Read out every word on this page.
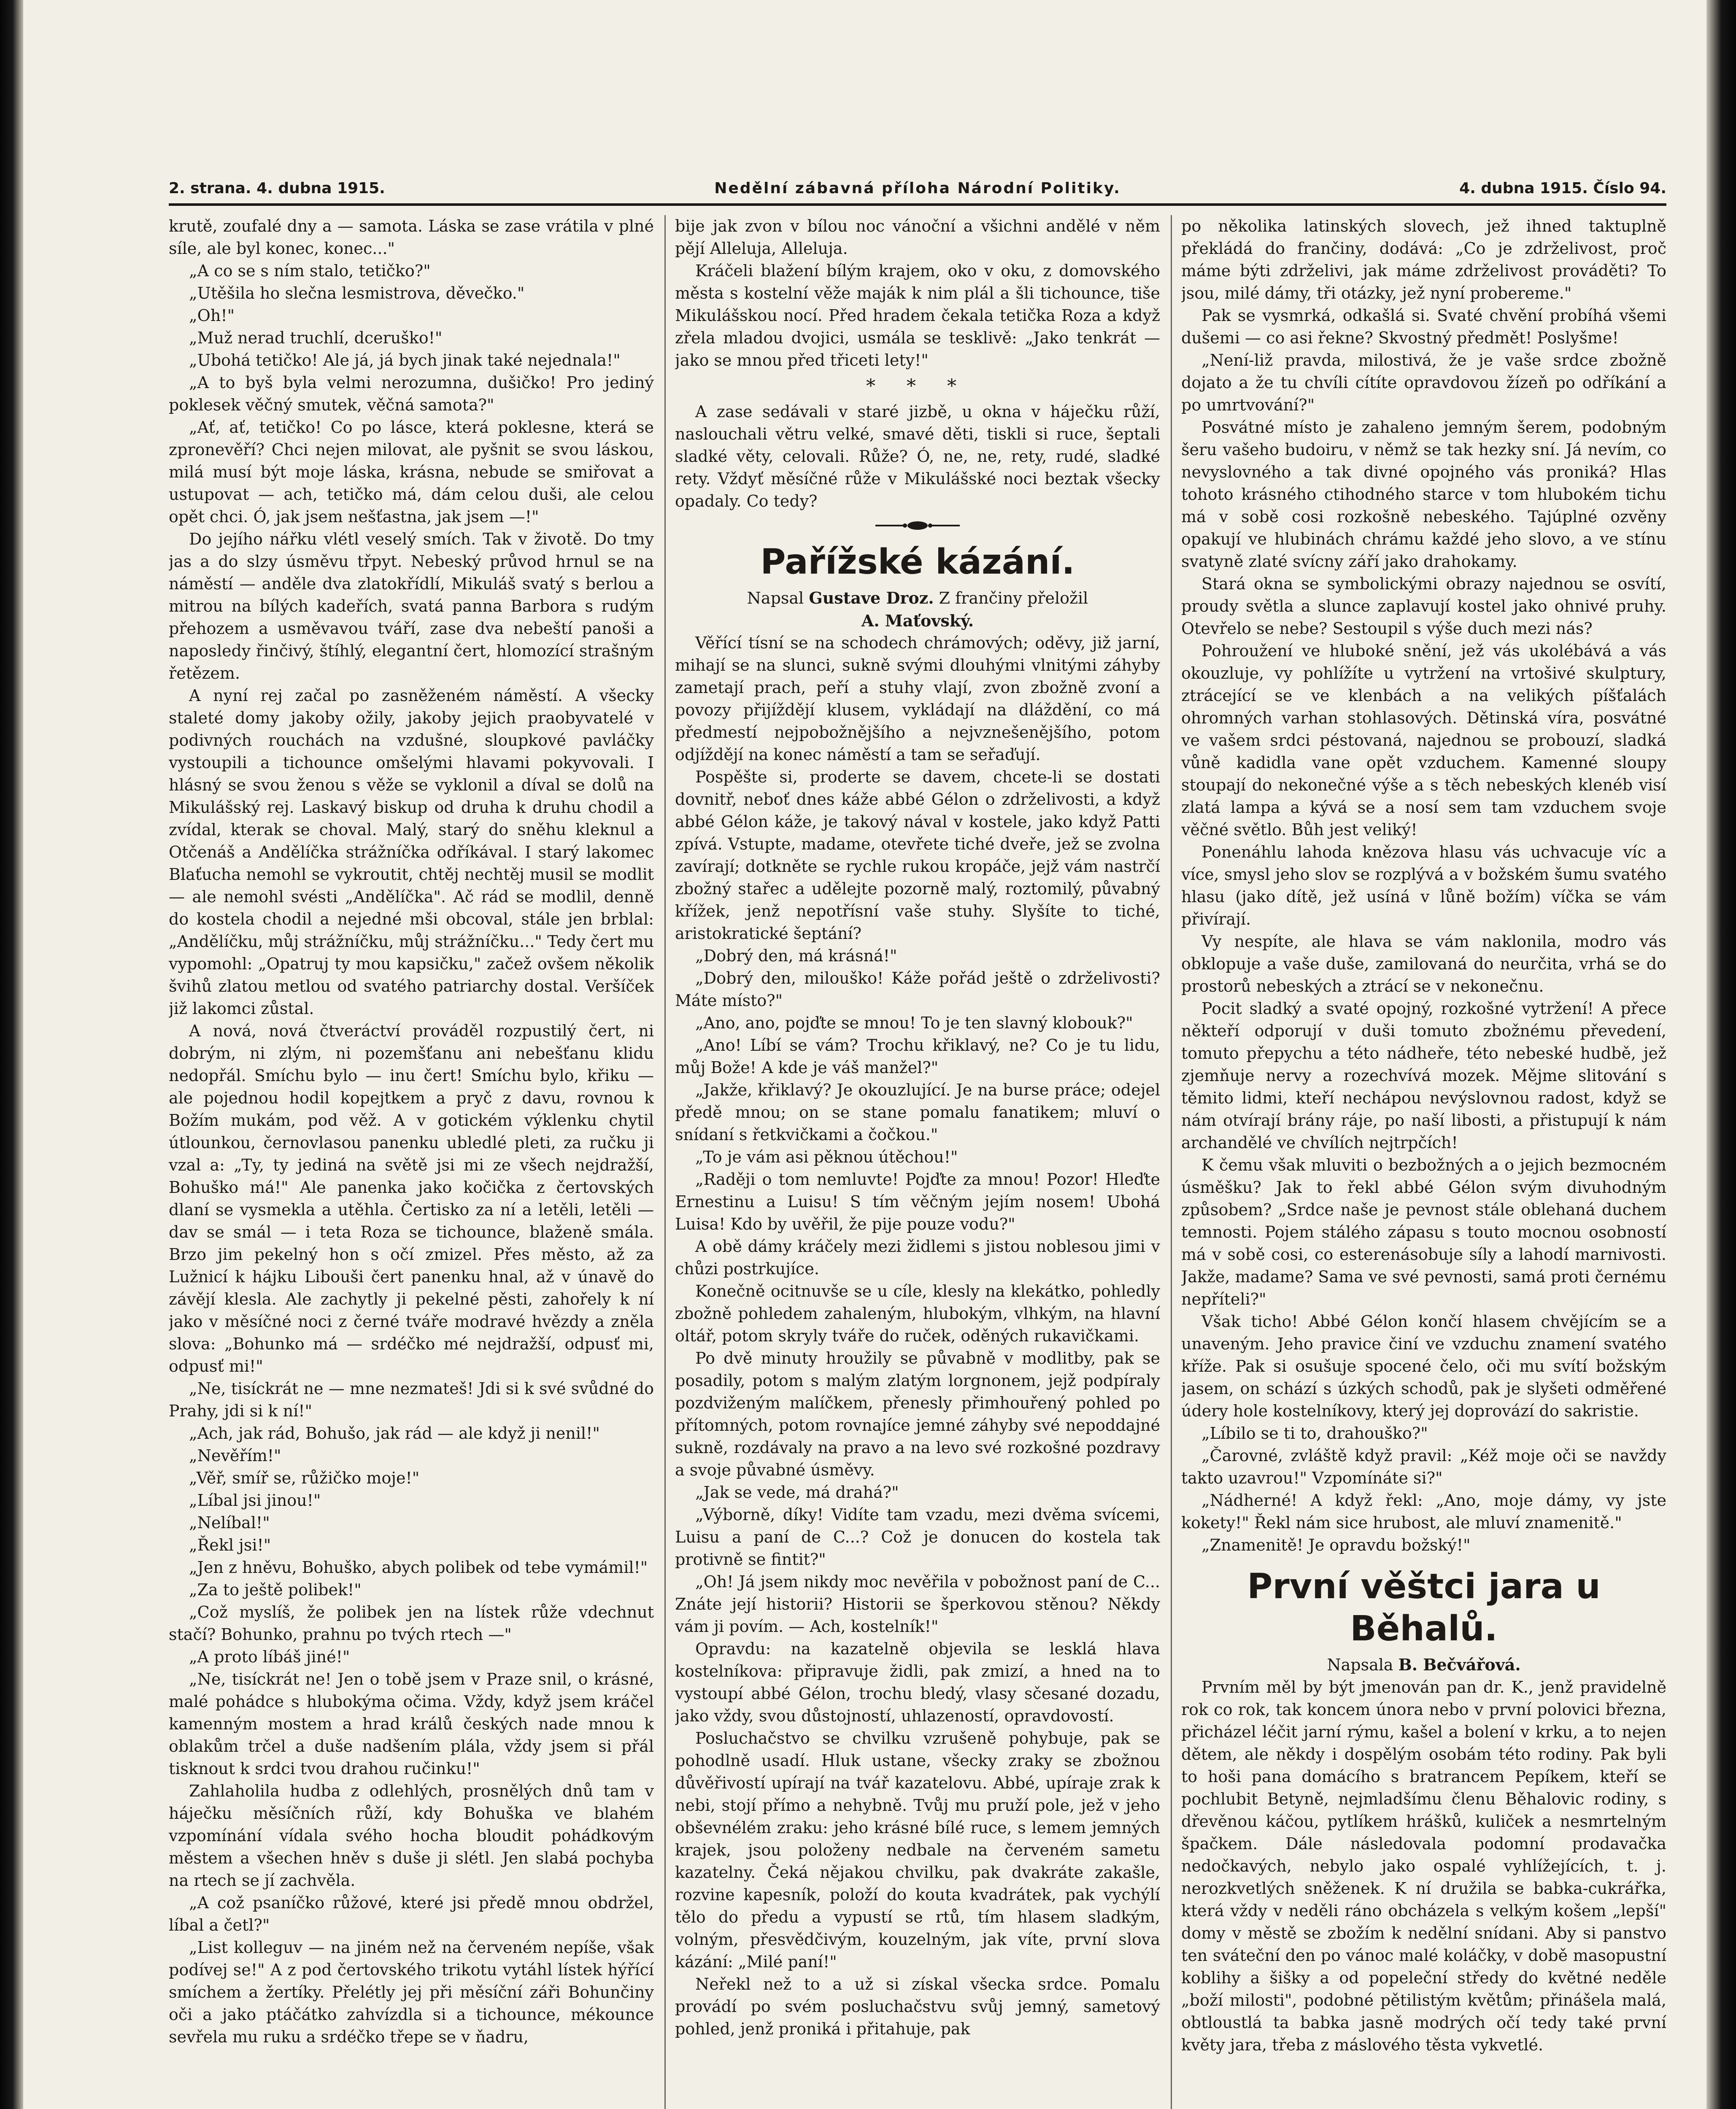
2. strana. 4. dubna 1915.	Nedělní zábavná příloha Národní Politiky.	4. dubna 1915. Číslo 94.

krutě, zoufalé dny a — samota. Láska se zase vrátila v plné síle, ale byl konec, konec..."

„A co se s ním stalo, tetičko?"

„Utěšila ho slečna lesmistrova, děvečko."

„Oh!"

„Muž nerad truchlí, dceruško!"

„Ubohá tetičko! Ale já, já bych jinak také nejednala!"

„A to byš byla velmi nerozumna, dušičko! Pro jediný poklesek věčný smutek, věčná samota?"

„Ať, ať, tetičko! Co po lásce, která poklesne, která se zpronevěří? Chci nejen milovat, ale pyšnit se svou láskou, milá musí být moje láska, krásna, nebude se smiřovat a ustupovat — ach, tetičko má, dám celou duši, ale celou opět chci. Ó, jak jsem nešťastna, jak jsem —!"

Do jejího nářku vlétl veselý smích. Tak v životě. Do tmy jas a do slzy úsměvu třpyt. Nebeský průvod hrnul se na náměstí — anděle dva zlatokřídlí, Mikuláš svatý s berlou a mitrou na bílých kadeřích, svatá panna Barbora s rudým přehozem a usměvavou tváří, zase dva nebeští panoši a naposledy řinčivý, štíhlý, elegantní čert, hlomozící strašným řetězem.

A nyní rej začal po zasněženém náměstí. A všecky staleté domy jakoby ožily, jakoby jejich praobyvatelé v podivných rouchách na vzdušné, sloupkové pavláčky vystoupili a tichounce omšelými hlavami pokyvovali. I hlásný se svou ženou s věže se vyklonil a díval se dolů na Mikulášský rej. Laskavý biskup od druha k druhu chodil a zvídal, kterak se choval. Malý, starý do sněhu kleknul a Otčenáš a Andělíčka strážníčka odříkával. I starý lakomec Blaťucha nemohl se vykroutit, chtěj nechtěj musil se modlit — ale nemohl svésti „Andělíčka". Ač rád se modlil, denně do kostela chodil a nejedné mši obcoval, stále jen brblal: „Andělíčku, můj strážníčku, můj strážníčku..." Tedy čert mu vypomohl: „Opatruj ty mou kapsičku," začež ovšem několik švihů zlatou metlou od svatého patriarchy dostal. Veršíček již lakomci zůstal.

A nová, nová čtveráctví prováděl rozpustilý čert, ni dobrým, ni zlým, ni pozemšťanu ani nebešťanu klidu nedopřál. Smíchu bylo — inu čert! Smíchu bylo, křiku — ale pojednou hodil kopejtkem a pryč z davu, rovnou k Božím mukám, pod věž. A v gotickém výklenku chytil útlounkou, černovlasou panenku ubledlé pleti, za ručku ji vzal a: „Ty, ty jediná na světě jsi mi ze všech nejdražší, Bohuško má!" Ale panenka jako kočička z čertovských dlaní se vysmekla a utěhla. Čertisko za ní a letěli, letěli — dav se smál — i teta Roza se tichounce, blaženě smála. Brzo jim pekelný hon s očí zmizel. Přes město, až za Lužnicí k hájku Libouši čert panenku hnal, až v únavě do závějí klesla. Ale zachytly ji pekelné pěsti, zahořely k ní jako v měsíčné noci z černé tváře modravé hvězdy a zněla slova: „Bohunko má — srdéčko mé nejdražší, odpusť mi, odpusť mi!"

„Ne, tisíckrát ne — mne nezmateš! Jdi si k své svůdné do Prahy, jdi si k ní!"

„Ach, jak rád, Bohušo, jak rád — ale když ji nenil!"

„Nevěřím!"

„Věř, smíř se, růžičko moje!"

„Líbal jsi jinou!"

„Nelíbal!"

„Řekl jsi!"

„Jen z hněvu, Bohuško, abych polibek od tebe vymámil!"

„Za to ještě polibek!"

„Což myslíš, že polibek jen na lístek růže vdechnut stačí? Bohunko, prahnu po tvých rtech —"

„A proto líbáš jiné!"

„Ne, tisíckrát ne! Jen o tobě jsem v Praze snil, o krásné, malé pohádce s hlubokýma očima. Vždy, když jsem kráčel kamenným mostem a hrad králů českých nade mnou k oblakům trčel a duše nadšením plála, vždy jsem si přál tisknout k srdci tvou drahou ručinku!"

Zahlaholila hudba z odlehlých, prosnělých dnů tam v háječku měsíčních růží, kdy Bohuška ve blahém vzpomínání vídala svého hocha bloudit pohádkovým městem a všechen hněv s duše ji slétl. Jen slabá pochyba na rtech se jí zachvěla.

„A což psaníčko růžové, které jsi předě mnou obdržel, líbal a četl?"

„List kolleguv — na jiném než na červeném nepíše, však podívej se!" A z pod čertovského trikotu vytáhl lístek hýřící smíchem a žertíky. Přelétly jej při měsíční záři Bohunčiny oči a jako ptáčátko zahvízdla si a tichounce, mékounce sevřela mu ruku a srdéčko třepe se v ňadru,

bije jak zvon v bílou noc vánoční a všichni andělé v něm pějí Alleluja, Alleluja.

Kráčeli blažení bílým krajem, oko v oku, z domovského města s kostelní věže maják k nim plál a šli tichounce, tiše Mikulášskou nocí. Před hradem čekala tetička Roza a když zřela mladou dvojici, usmála se tesklivě: „Jako tenkrát — jako se mnou před třiceti lety!"

* * *

A zase sedávali v staré jizbě, u okna v háječku růží, naslouchali větru velké, smavé děti, tiskli si ruce, šeptali sladké věty, celovali. Růže? Ó, ne, ne, rety, rudé, sladké rety. Vždyť měsíčné růže v Mikulášské noci beztak všecky opadaly. Co tedy?

Pařížské kázání.
Napsal Gustave Droz. Z frančiny přeložil
A. Maťovský.

Věřící tísní se na schodech chrámových; oděvy, již jarní, mihají se na slunci, sukně svými dlouhými vlnitými záhyby zametají prach, peří a stuhy vlají, zvon zbožně zvoní a povozy přijíždějí klusem, vykládají na dláždění, co má předmestí nejpobožnějšího a nejvznešenějšího, potom odjíždějí na konec náměstí a tam se seřaďují.

Pospěšte si, proderte se davem, chcete-li se dostati dovnitř, neboť dnes káže abbé Gélon o zdrželivosti, a když abbé Gélon káže, je takový nával v kostele, jako když Patti zpívá. Vstupte, madame, otevřete tiché dveře, jež se zvolna zavírají; dotkněte se rychle rukou kropáče, jejž vám nastrčí zbožný stařec a udělejte pozorně malý, roztomilý, půvabný křížek, jenž nepotřísní vaše stuhy. Slyšíte to tiché, aristokratické šeptání?

„Dobrý den, má krásná!"

„Dobrý den, milouško! Káže pořád ještě o zdrželivosti? Máte místo?"

„Ano, ano, pojďte se mnou! To je ten slavný klobouk?"

„Ano! Líbí se vám? Trochu křiklavý, ne? Co je tu lidu, můj Bože! A kde je váš manžel?"

„Jakže, křiklavý? Je okouzlující. Je na burse práce; odejel předě mnou; on se stane pomalu fanatikem; mluví o snídaní s řetkvičkami a čočkou."

„To je vám asi pěknou útěchou!"

„Raději o tom nemluvte! Pojďte za mnou! Pozor! Hleďte Ernestinu a Luisu! S tím věčným jejím nosem! Ubohá Luisa! Kdo by uvěřil, že pije pouze vodu?"

A obě dámy kráčely mezi židlemi s jistou noblesou jimi v chůzi postrkujíce.

Konečně ocitnuvše se u cíle, klesly na klekátko, pohledly zbožně pohledem zahaleným, hlubokým, vlhkým, na hlavní oltář, potom skryly tváře do ruček, oděných rukavičkami.

Po dvě minuty hroužily se půvabně v modlitby, pak se posadily, potom s malým zlatým lorgnonem, jejž podpíraly pozdviženým malíčkem, přenesly přimhouřený pohled po přítomných, potom rovnajíce jemné záhyby své nepoddajné sukně, rozdávaly na pravo a na levo své rozkošné pozdravy a svoje půvabné úsměvy.

„Jak se vede, má drahá?"

„Výborně, díky! Vidíte tam vzadu, mezi dvěma svícemi, Luisu a paní de C...? Což je donucen do kostela tak protivně se fintit?"

„Oh! Já jsem nikdy moc nevěřila v pobožnost paní de C... Znáte její historii? Historii se šperkovou stěnou? Někdy vám ji povím. — Ach, kostelník!"

Opravdu: na kazatelně objevila se lesklá hlava kostelníkova: připravuje židli, pak zmizí, a hned na to vystoupí abbé Gélon, trochu bledý, vlasy sčesané dozadu, jako vždy, svou důstojností, uhlazeností, opravdovostí.

Posluchačstvo se chvilku vzrušeně pohybuje, pak se pohodlně usadí. Hluk ustane, všecky zraky se zbožnou důvěřivostí upírají na tvář kazatelovu. Abbé, upíraje zrak k nebi, stojí přímo a nehybně. Tvůj mu pruží pole, jež v jeho obševnélém zraku: jeho krásné bílé ruce, s lemem jemných krajek, jsou položeny nedbale na červeném sametu kazatelny. Čeká nějakou chvilku, pak dvakráte zakašle, rozvine kapesník, položí do kouta kvadrátek, pak vychýlí tělo do předu a vypustí se rtů, tím hlasem sladkým, volným, přesvědčivým, kouzelným, jak víte, první slova kázání: „Milé paní!"

Neřekl než to a už si získal všecka srdce. Pomalu provádí po svém posluchačstvu svůj jemný, sametový pohled, jenž proniká i přitahuje, pak

po několika latinských slovech, jež ihned taktuplně překládá do frančiny, dodává: „Co je zdrželivost, proč máme býti zdrželivi, jak máme zdrželivost prováděti? To jsou, milé dámy, tři otázky, jež nyní probereme."

Pak se vysmrká, odkašlá si. Svaté chvění probíhá všemi dušemi — co asi řekne? Skvostný předmět! Poslyšme!

„Není-liž pravda, milostivá, že je vaše srdce zbožně dojato a že tu chvíli cítíte opravdovou žízeň po odříkání a po umrtvování?"

Posvátné místo je zahaleno jemným šerem, podobným šeru vašeho budoiru, v němž se tak hezky sní. Já nevím, co nevyslovného a tak divné opojného vás proniká? Hlas tohoto krásného ctihodného starce v tom hlubokém tichu má v sobě cosi rozkošně nebeského. Tajúplné ozvěny opakují ve hlubinách chrámu každé jeho slovo, a ve stínu svatyně zlaté svícny září jako drahokamy.

Stará okna se symbolickými obrazy najednou se osvítí, proudy světla a slunce zaplavují kostel jako ohnivé pruhy. Otevřelo se nebe? Sestoupil s výše duch mezi nás?

Pohroužení ve hluboké snění, jež vás ukolébává a vás okouzluje, vy pohlížíte u vytržení na vrtošivé skulptury, ztrácející se ve klenbách a na velikých píšťalách ohromných varhan stohlasových. Dětinská víra, posvátné ve vašem srdci péstovaná, najednou se probouzí, sladká vůně kadidla vane opět vzduchem. Kamenné sloupy stoupají do nekonečné výše a s těch nebeských klenéb visí zlatá lampa a kývá se a nosí sem tam vzduchem svoje věčné světlo. Bůh jest veliký!

Ponenáhlu lahoda knězova hlasu vás uchvacuje víc a více, smysl jeho slov se rozplývá a v božském šumu svatého hlasu (jako dítě, jež usíná v lůně božím) víčka se vám přivírají.

Vy nespíte, ale hlava se vám naklonila, modro vás obklopuje a vaše duše, zamilovaná do neurčita, vrhá se do prostorů nebeských a ztrácí se v nekonečnu.

Pocit sladký a svaté opojný, rozkošné vytržení! A přece někteří odporují v duši tomuto zbožnému převedení, tomuto přepychu a této nádheře, této nebeské hudbě, jež zjemňuje nervy a rozechvívá mozek. Mějme slitování s těmito lidmi, kteří nechápou nevýslovnou radost, když se nám otvírají brány ráje, po naší libosti, a přistupují k nám archandělé ve chvílích nejtrpčích!

K čemu však mluviti o bezbožných a o jejich bezmocném úsměšku? Jak to řekl abbé Gélon svým divuhodným způsobem? „Srdce naše je pevnost stále oblehaná duchem temnosti. Pojem stálého zápasu s touto mocnou osobností má v sobě cosi, co esterenásobuje síly a lahodí marnivosti. Jakže, madame? Sama ve své pevnosti, samá proti černému nepříteli?"

Však ticho! Abbé Gélon končí hlasem chvějícím se a unaveným. Jeho pravice činí ve vzduchu znamení svatého kříže. Pak si osušuje spocené čelo, oči mu svítí božským jasem, on schází s úzkých schodů, pak je slyšeti odměřené údery hole kostelníkovy, který jej doprovází do sakristie.

„Líbilo se ti to, drahouško?"

„Čarovné, zvláště když pravil: „Kéž moje oči se navždy takto uzavrou!" Vzpomínáte si?"

„Nádherné! A když řekl: „Ano, moje dámy, vy jste kokety!" Řekl nám sice hrubost, ale mluví znamenitě."

„Znamenitě! Je opravdu božský!"

První věštci jara u Běhalů.
Napsala B. Bečvářová.

Prvním měl by být jmenován pan dr. K., jenž pravidelně rok co rok, tak koncem února nebo v první polovici března, přicházel léčit jarní rýmu, kašel a bolení v krku, a to nejen dětem, ale někdy i dospělým osobám této rodiny. Pak byli to hoši pana domácího s bratrancem Pepíkem, kteří se pochlubit Betyně, nejmladšímu členu Běhalovic rodiny, s dřevěnou káčou, pytlíkem hrášků, kuliček a nesmrtelným špačkem. Dále následovala podomní prodavačka nedočkavých, nebylo jako ospalé vyhlížejících, t. j. nerozkvetlých sněženek. K ní družila se babka-cukrářka, která vždy v neděli ráno obcházela s velkým košem „lepší" domy v městě se zbožím k nedělní snídani. Aby si panstvo ten sváteční den po vánoc malé koláčky, v době masopustní koblihy a šišky a od popeleční středy do květné neděle „boží milosti", podobné pětilistým květům; přinášela malá, obtloustlá ta babka jasně modrých očí tedy také první květy jara, třeba z máslového těsta vykvetlé.
